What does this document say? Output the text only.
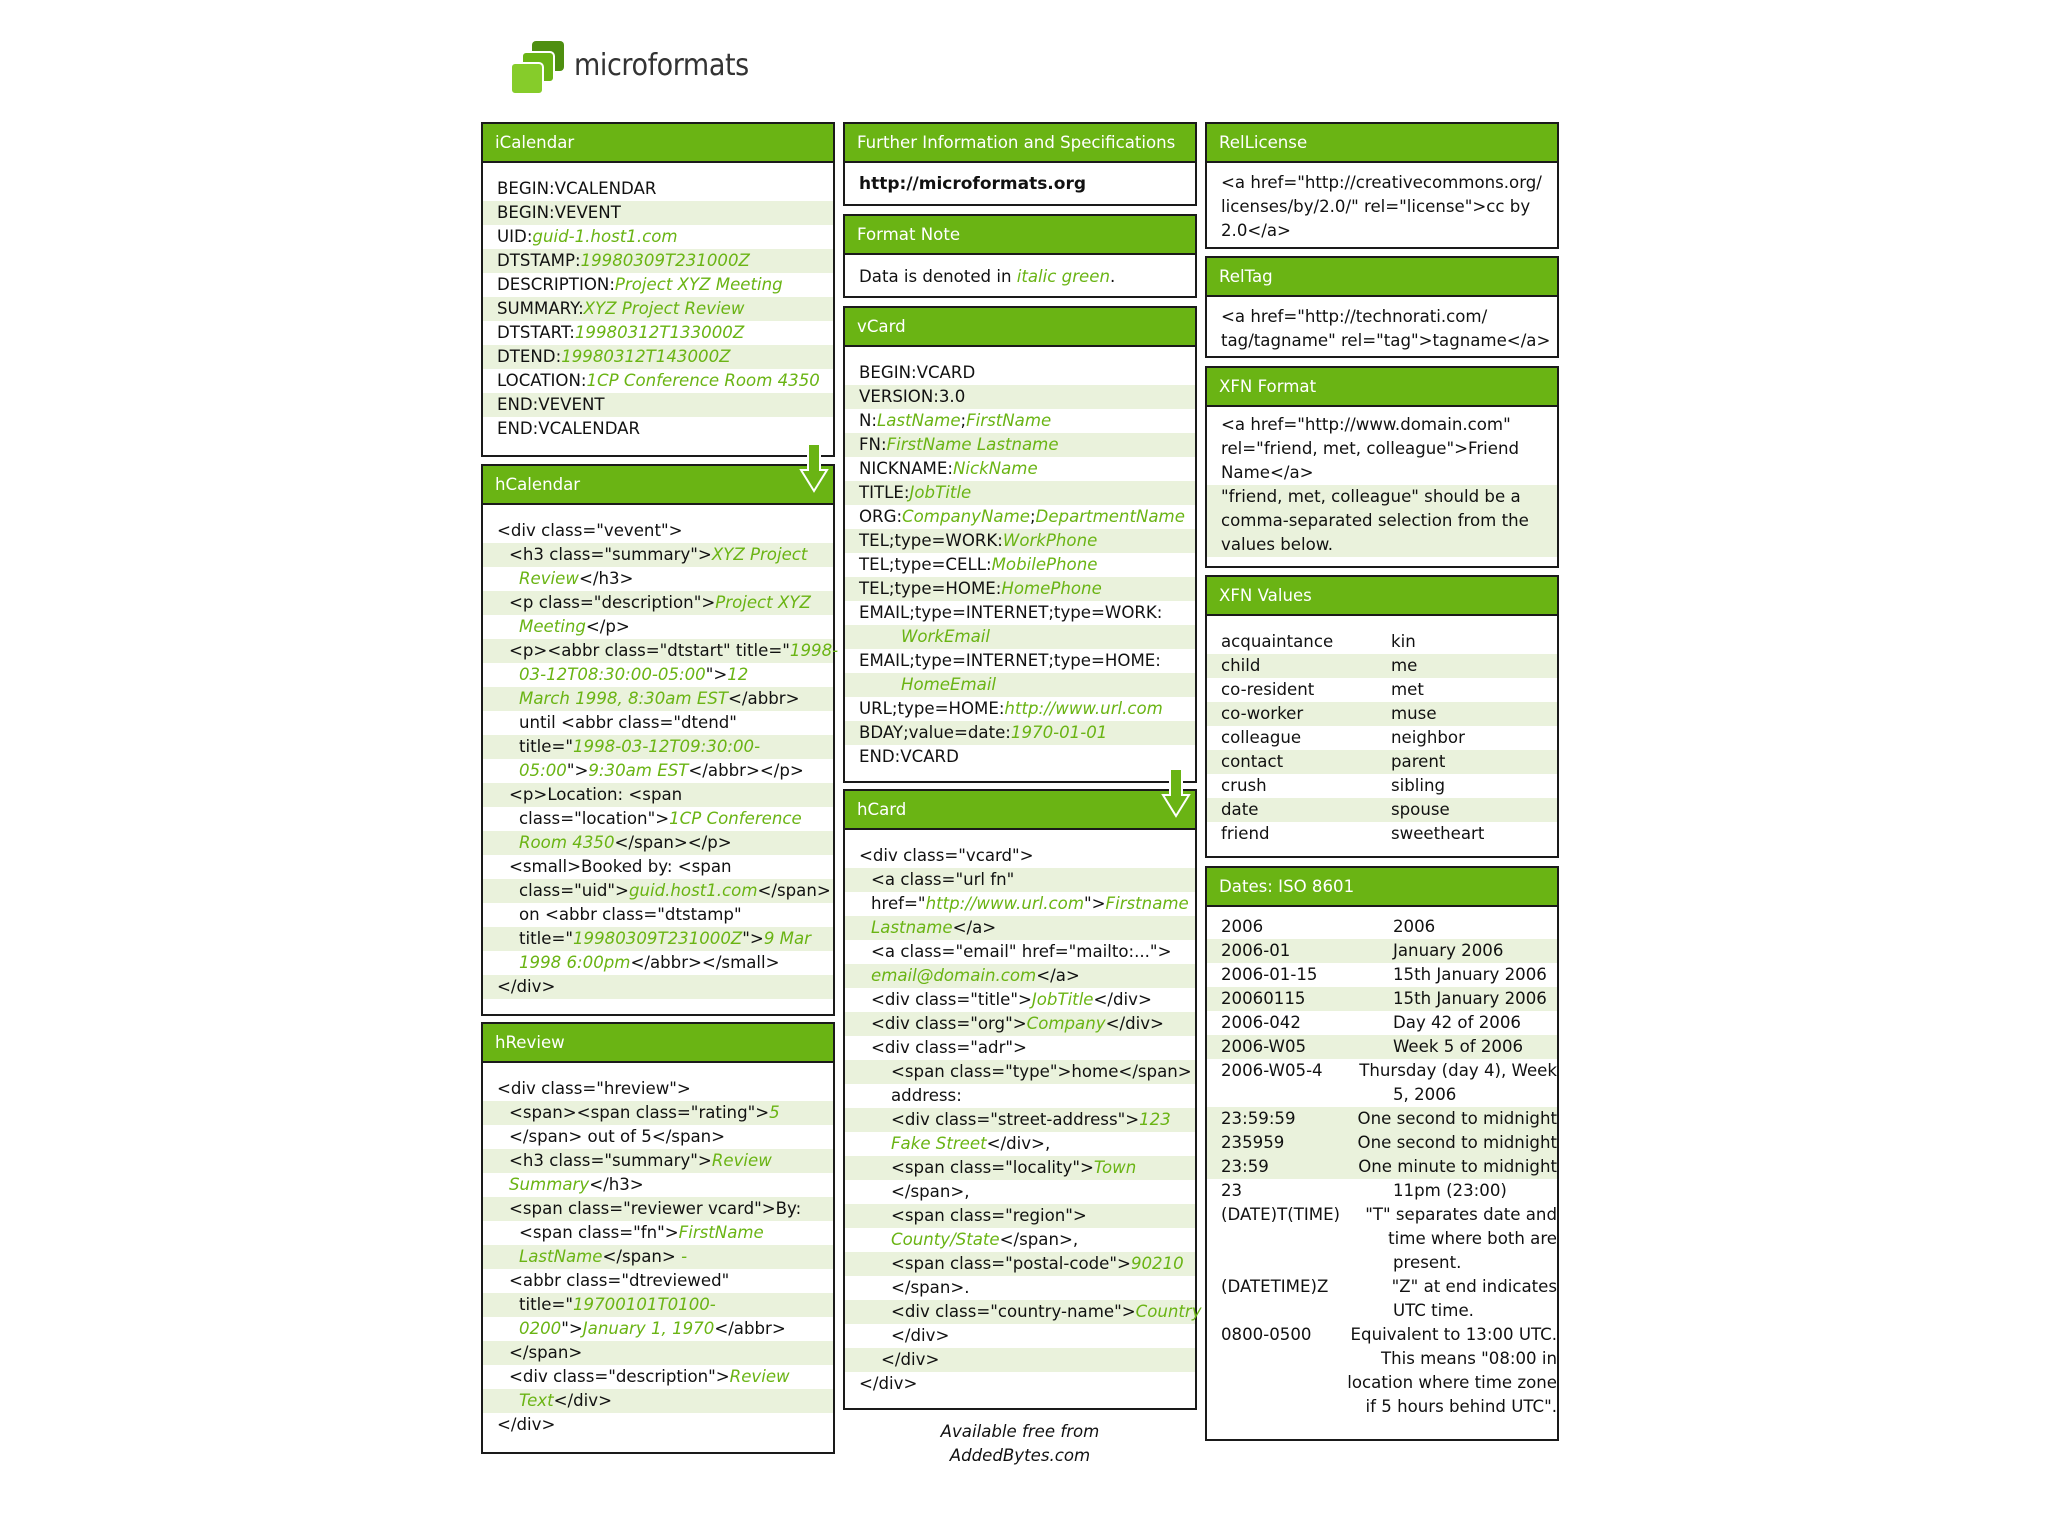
microformats
iCalendar
BEGIN:VCALENDAR
BEGIN:VEVENT
UID:guid-1.host1.com
DTSTAMP:19980309T231000Z
DESCRIPTION:Project XYZ Meeting
SUMMARY:XYZ Project Review
DTSTART:19980312T133000Z
DTEND:19980312T143000Z
LOCATION:1CP Conference Room 4350
END:VEVENT
END:VCALENDAR
hCalendar
<div class="vevent">
<h3 class="summary">XYZ Project
Review</h3>
<p class="description">Project XYZ
Meeting</p>
<p><abbr class="dtstart" title="1998-
03-12T08:30:00-05:00">12
March 1998, 8:30am EST</abbr>
until <abbr class="dtend"
title="1998-03-12T09:30:00-
05:00">9:30am EST</abbr></p>
<p>Location: <span
class="location">1CP Conference
Room 4350</span></p>
<small>Booked by: <span
class="uid">guid.host1.com</span>
on <abbr class="dtstamp"
title="19980309T231000Z">9 Mar
1998 6:00pm</abbr></small>
</div>
hReview
<div class="hreview">
<span><span class="rating">5
</span> out of 5</span>
<h3 class="summary">Review
Summary</h3>
<span class="reviewer vcard">By:
<span class="fn">FirstName
LastName</span> -
<abbr class="dtreviewed"
title="19700101T0100-
0200">January 1, 1970</abbr>
</span>
<div class="description">Review
Text</div>
</div>
Further Information and Specifications
http://microformats.org
Format Note
Data is denoted in italic green.
vCard
BEGIN:VCARD
VERSION:3.0
N:LastName;FirstName
FN:FirstName Lastname
NICKNAME:NickName
TITLE:JobTitle
ORG:CompanyName;DepartmentName
TEL;type=WORK:WorkPhone
TEL;type=CELL:MobilePhone
TEL;type=HOME:HomePhone
EMAIL;type=INTERNET;type=WORK:
WorkEmail
EMAIL;type=INTERNET;type=HOME:
HomeEmail
URL;type=HOME:http://www.url.com
BDAY;value=date:1970-01-01
END:VCARD
hCard
<div class="vcard">
<a class="url fn"
href="http://www.url.com">Firstname
Lastname</a>
<a class="email" href="mailto:...">
email@domain.com</a>
<div class="title">JobTitle</div>
<div class="org">Company</div>
<div class="adr">
<span class="type">home</span>
address:
<div class="street-address">123
Fake Street</div>,
<span class="locality">Town
</span>,
<span class="region">
County/State</span>,
<span class="postal-code">90210
</span>.
<div class="country-name">Country
</div>
</div>
</div>
Available free from
AddedBytes.com
RelLicense
<a href="http://creativecommons.org/
licenses/by/2.0/" rel="license">cc by
2.0</a>
RelTag
<a href="http://technorati.com/
tag/tagname" rel="tag">tagname</a>
XFN Format
<a href="http://www.domain.com"
rel="friend, met, colleague">Friend
Name</a>
"friend, met, colleague" should be a
comma-separated selection from the
values below.
XFN Values
acquaintance	kin
child	me
co-resident	met
co-worker	muse
colleague	neighbor
contact	parent
crush	sibling
date	spouse
friend	sweetheart
Dates: ISO 8601
2006	2006
2006-01	January 2006
2006-01-15	15th January 2006
20060115	15th January 2006
2006-042	Day 42 of 2006
2006-W05	Week 5 of 2006
2006-W05-4	Thursday (day 4), Week
5, 2006
23:59:59	One second to midnight
235959	One second to midnight
23:59	One minute to midnight
23	11pm (23:00)
(DATE)T(TIME)	"T" separates date and
time where both are
present.
(DATETIME)Z	"Z" at end indicates
UTC time.
0800-0500	Equivalent to 13:00 UTC.
This means "08:00 in
location where time zone
if 5 hours behind UTC".
